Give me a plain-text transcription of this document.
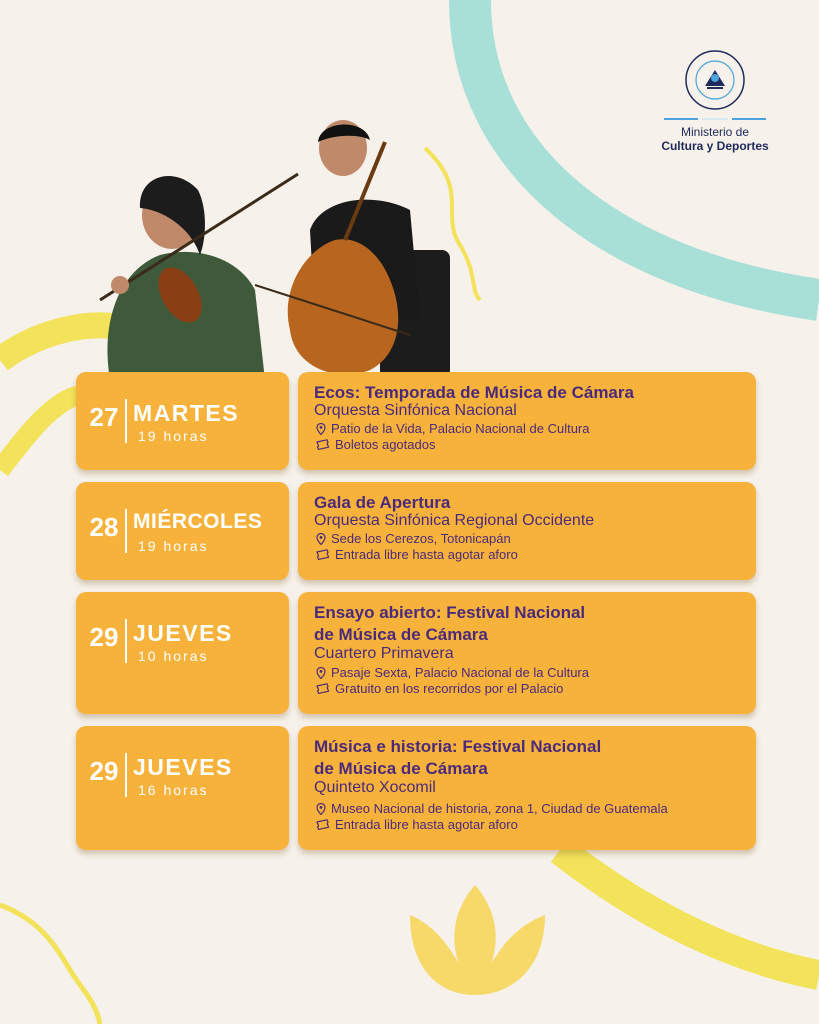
Ministerio de
Cultura y Deportes
27 MARTES
19 horas
Ecos: Temporada de Música de Cámara
Orquesta Sinfónica Nacional
Patio de la Vida, Palacio Nacional de Cultura
Boletos agotados
28 MIÉRCOLES
19 horas
Gala de Apertura
Orquesta Sinfónica Regional Occidente
Sede los Cerezos, Totonicapán
Entrada libre hasta agotar aforo
29 JUEVES
10 horas
Ensayo abierto: Festival Nacional
de Música de Cámara
Cuartero Primavera
Pasaje Sexta, Palacio Nacional de la Cultura
Gratuito en los recorridos por el Palacio
29 JUEVES
16 horas
Música e historia: Festival Nacional
de Música de Cámara
Quinteto Xocomil
Museo Nacional de historia, zona 1, Ciudad de Guatemala
Entrada libre hasta agotar aforo
